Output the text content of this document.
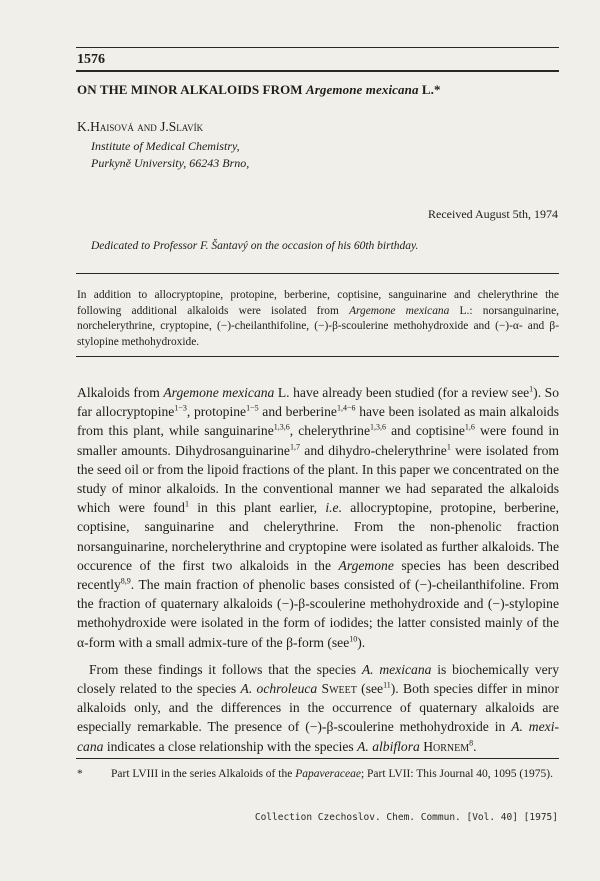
1576
ON THE MINOR ALKALOIDS FROM Argemone mexicana L.*
K.Haisová and J.Slavík
Institute of Medical Chemistry,
Purkyně University, 66243 Brno,
Received August 5th, 1974
Dedicated to Professor F. Šantavý on the occasion of his 60th birthday.
In addition to allocryptopine, protopine, berberine, coptisine, sanguinarine and chelerythrine the following additional alkaloids were isolated from Argemone mexicana L.: norsanguinarine, norchelerythrine, cryptopine, (−)-cheilanthifoline, (−)-β-scoulerine methohydroxide and (−)-α- and β-stylopine methohydroxide.

Alkaloids from Argemone mexicana L. have already been studied (for a review see$^1$). So far allocryptopine$^{1-3}$, protopine$^{1-5}$ and berberine$^{1,4-6}$ have been isolated as main alkaloids from this plant, while sanguinarine$^{1,3,6}$, chelerythrine$^{1,3,6}$ and coptisine$^{1,6}$ were found in smaller amounts. Dihydrosanguinarine$^{1,7}$ and dihydro-chelerythrine$^1$ were isolated from the seed oil or from the lipoid fractions of the plant. In this paper we concentrated on the study of minor alkaloids. In the conventional manner we had separated the alkaloids which were found$^1$ in this plant earlier, i.e. allocryptopine, protopine, berberine, coptisine, sanguinarine and chelerythrine. From the non-phenolic fraction norsanguinarine, norchelerythrine and cryptopine were isolated as further alkaloids. The occurence of the first two alkaloids in the Argemone species has been described recently$^{8,9}$. The main fraction of phenolic bases consisted of (−)-cheilanthifoline. From the fraction of quaternary alkaloids (−)-β-scoulerine methohydroxide and (−)-stylopine methohydroxide were isolated in the form of iodides; the latter consisted mainly of the α-form with a small admix-ture of the β-form (see$^{10}$).

From these findings it follows that the species A. mexicana is biochemically very closely related to the species A. ochroleuca Sweet (see$^{11}$). Both species differ in minor alkaloids only, and the differences in the occurrence of quaternary alkaloids are especially remarkable. The presence of (−)-β-scoulerine methohydroxide in A. mexi-cana indicates a close relationship with the species A. albiflora Hornem$^8$.

* Part LVIII in the series Alkaloids of the Papaveraceae; Part LVII: This Journal 40, 1095 (1975).
Collection Czechoslov. Chem. Commun. [Vol. 40] [1975]
